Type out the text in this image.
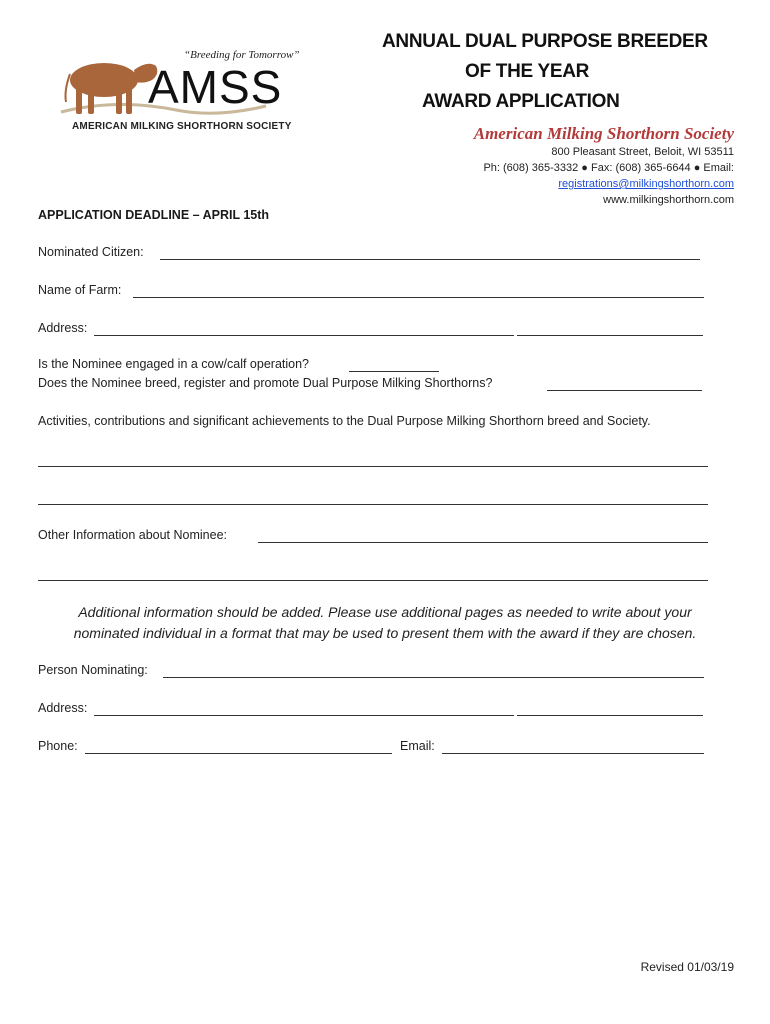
“Breeding for Tomorrow”
AMSS
AMERICAN MILKING SHORTHORN SOCIETY
ANNUAL DUAL PURPOSE BREEDER
OF THE YEAR
AWARD APPLICATION
American Milking Shorthorn Society
800 Pleasant Street, Beloit, WI 53511
Ph: (608) 365-3332 ● Fax: (608) 365-6644 ● Email:
registrations@milkingshorthorn.com
www.milkingshorthorn.com
APPLICATION DEADLINE – APRIL 15th
Nominated Citizen:
Name of Farm:
Address:
Is the Nominee engaged in a cow/calf operation?
Does the Nominee breed, register and promote Dual Purpose Milking Shorthorns?
Activities, contributions and significant achievements to the Dual Purpose Milking Shorthorn breed and Society.
Other Information about Nominee:
Additional information should be added. Please use additional pages as needed to write about your
nominated individual in a format that may be used to present them with the award if they are chosen.
Person Nominating:
Address:
Phone:	Email:
Revised 01/03/19
